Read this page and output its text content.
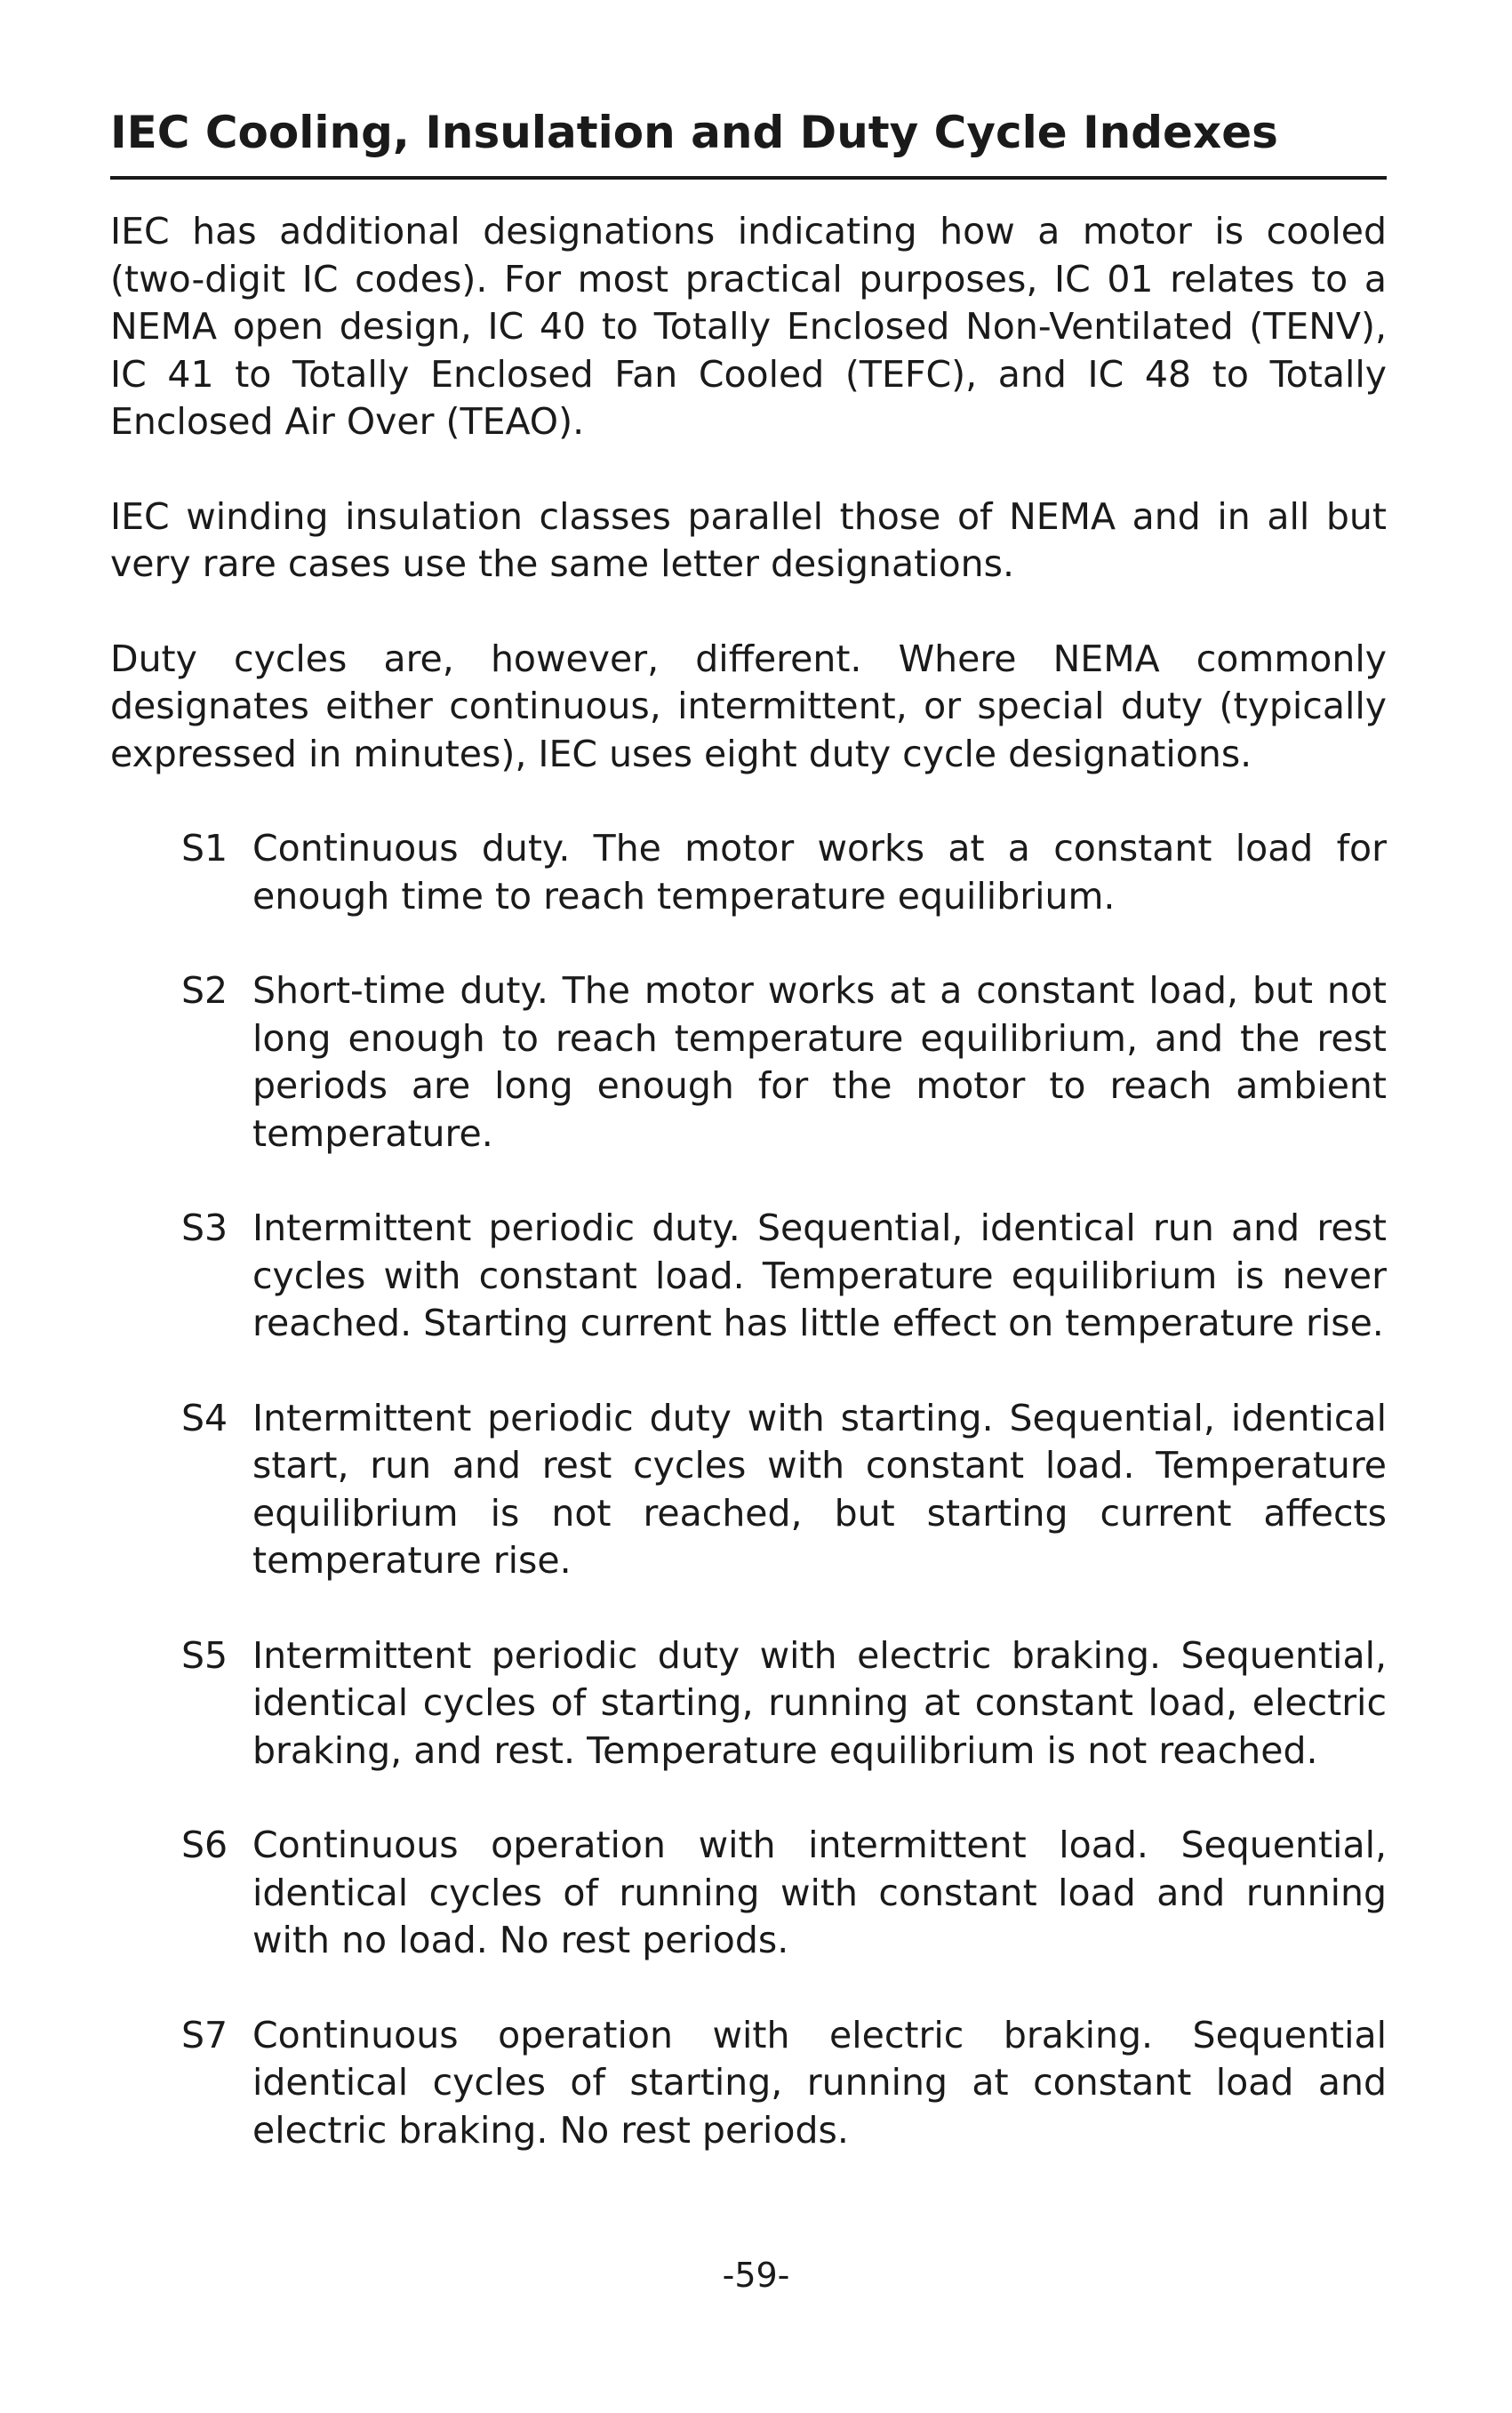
IEC Cooling, Insulation and Duty Cycle Indexes

IEC has additional designations indicating how a motor is cooled (two-digit IC codes). For most practical purposes, IC 01 relates to a NEMA open design, IC 40 to Totally Enclosed Non-Ventilated (TENV), IC 41 to Totally Enclosed Fan Cooled (TEFC), and IC 48 to Totally Enclosed Air Over (TEAO).

IEC winding insulation classes parallel those of NEMA and in all but very rare cases use the same letter designations.

Duty cycles are, however, different. Where NEMA commonly designates either continuous, intermittent, or special duty (typically expressed in minutes), IEC uses eight duty cycle designations.

S1 Continuous duty. The motor works at a constant load for enough time to reach temperature equilibrium.
S2 Short-time duty. The motor works at a constant load, but not long enough to reach temperature equilibrium, and the rest periods are long enough for the motor to reach ambient temperature.
S3 Intermittent periodic duty. Sequential, identical run and rest cycles with constant load. Temperature equilibrium is never reached. Starting current has little effect on temperature rise.
S4 Intermittent periodic duty with starting. Sequential, identical start, run and rest cycles with constant load. Temperature equilibrium is not reached, but starting current affects temperature rise.
S5 Intermittent periodic duty with electric braking. Sequential, identical cycles of starting, running at constant load, electric braking, and rest. Temperature equilibrium is not reached.
S6 Continuous operation with intermittent load. Sequential, identical cycles of running with constant load and running with no load. No rest periods.
S7 Continuous operation with electric braking. Sequential identical cycles of starting, running at constant load and electric braking. No rest periods.
-59-
